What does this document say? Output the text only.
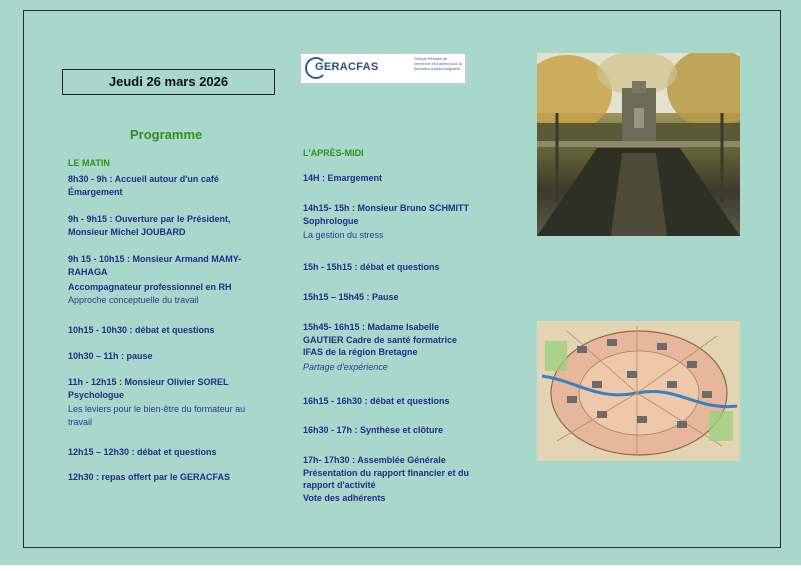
Jeudi 26 mars 2026
GERACFAS
Groupe d'études de recherche et d'action pour la formation d'aides-soignants
Programme
LE MATIN
8h30 - 9h : Accueil autour d'un café
Émargement
9h - 9h15 : Ouverture par le Président,
Monsieur Michel JOUBARD
9h 15 - 10h15 : Monsieur Armand MAMY-
RAHAGA
Accompagnateur professionnel en RH
Approche conceptuelle du travail
10h15 - 10h30 : débat et questions
10h30 – 11h : pause
11h - 12h15 : Monsieur Olivier SOREL
Psychologue
Les leviers pour le bien-être du formateur au
travail
12h15 – 12h30 : débat et questions
12h30 : repas offert par le GERACFAS
L'APRÈS-MIDI
14H : Emargement
14h15- 15h : Monsieur Bruno SCHMITT
Sophrologue
La gestion du stress
15h - 15h15 : débat et questions
15h15 – 15h45 : Pause
15h45- 16h15 : Madame Isabelle
GAUTIER Cadre de santé formatrice
IFAS de la région Bretagne
Partage d'expérience
16h15 - 16h30 : débat et questions
16h30 - 17h : Synthèse et clôture
17h- 17h30 : Assemblée Générale
Présentation du rapport financier et du
rapport d'activité
Vote des adhérents
